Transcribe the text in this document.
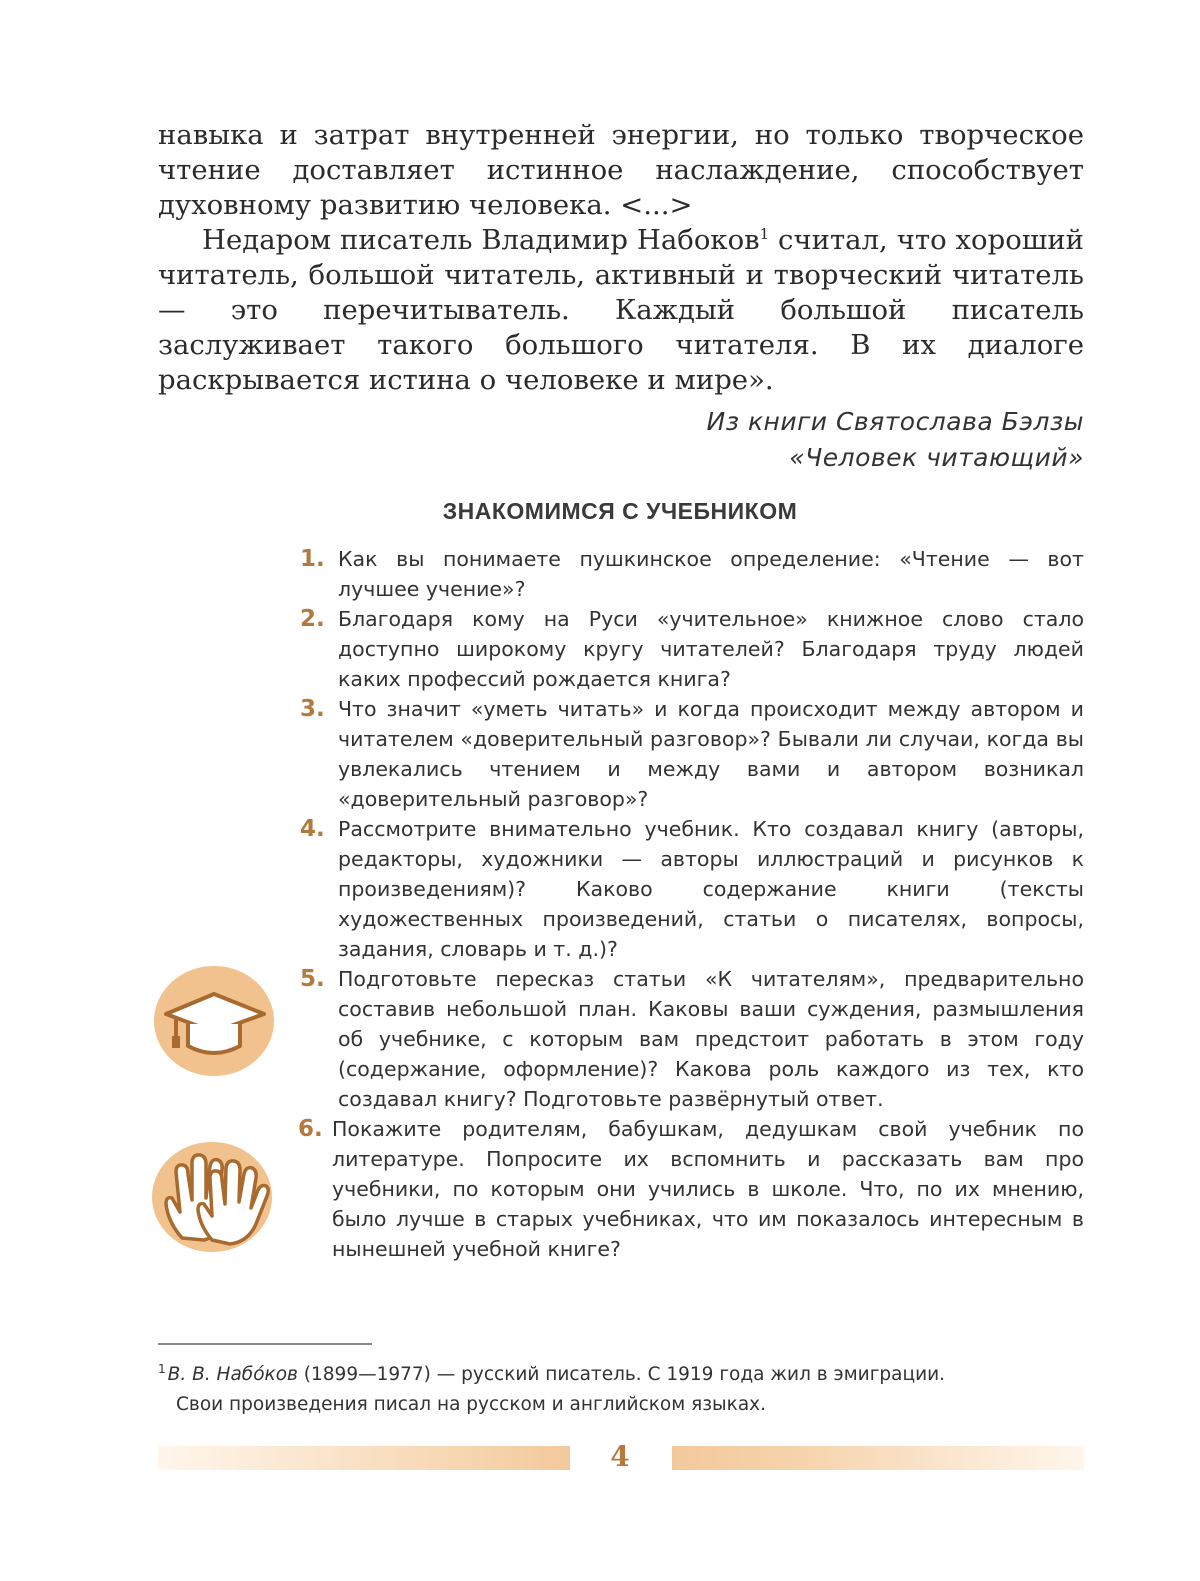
навыка и затрат внутренней энергии, но только творческое чтение доставляет истинное наслаждение, способствует духовному развитию человека. <...>

Недаром писатель Владимир Набоков$^1$ считал, что хороший читатель, большой читатель, активный и творческий читатель — это перечитыватель. Каждый большой писатель заслуживает такого большого читателя. В их диалоге раскрывается истина о человеке и мире».

Из книги Святослава Бэлзы
«Человек читающий»
ЗНАКОМИМСЯ С УЧЕБНИКОМ
1. Как вы понимаете пушкинское определение: «Чтение — вот лучшее учение»?
2. Благодаря кому на Руси «учительное» книжное слово стало доступно широкому кругу читателей? Благодаря труду людей каких профессий рождается книга?
3. Что значит «уметь читать» и когда происходит между автором и читателем «доверительный разговор»? Бывали ли случаи, когда вы увлекались чтением и между вами и автором возникал «доверительный разговор»?
4. Рассмотрите внимательно учебник. Кто создавал книгу (авторы, редакторы, художники — авторы иллюстраций и рисунков к произведениям)? Каково содержание книги (тексты художественных произведений, статьи о писателях, вопросы, задания, словарь и т. д.)?
5. Подготовьте пересказ статьи «К читателям», предварительно составив небольшой план. Каковы ваши суждения, размышления об учебнике, с которым вам предстоит работать в этом году (содержание, оформление)? Какова роль каждого из тех, кто создавал книгу? Подготовьте развёрнутый ответ.
6. Покажите родителям, бабушкам, дедушкам свой учебник по литературе. Попросите их вспомнить и рассказать вам про учебники, по которым они учились в школе. Что, по их мнению, было лучше в старых учебниках, что им показалось интересным в нынешней учебной книге?
$^1$ В. В. Набóков (1899—1977) — русский писатель. С 1919 года жил в эмиграции.
Свои произведения писал на русском и английском языках.
4
